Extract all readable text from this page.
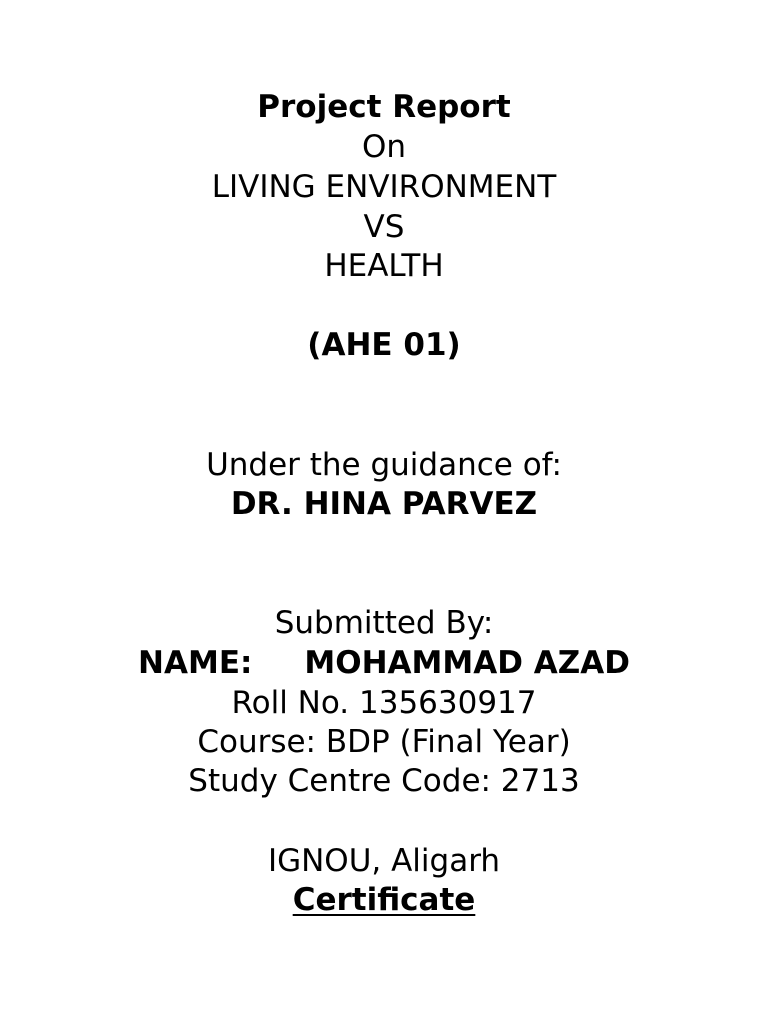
Project Report
On
LIVING ENVIRONMENT
VS
HEALTH
(AHE 01)
Under the guidance of:
DR. HINA PARVEZ
Submitted By:
NAME: MOHAMMAD AZAD
Roll No. 135630917
Course: BDP (Final Year)
Study Centre Code: 2713
IGNOU, Aligarh
Certificate
